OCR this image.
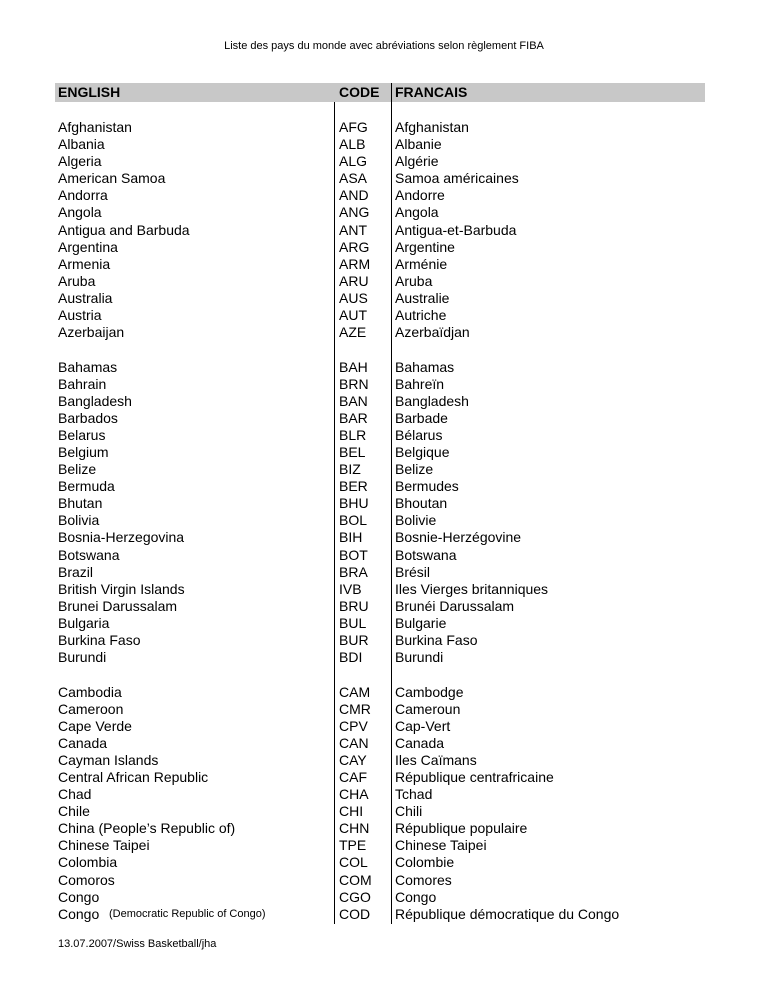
Liste des pays du monde avec abréviations selon règlement FIBA
ENGLISH	CODE FRANCAIS
Afghanistan	AFG Afghanistan
Albania	ALB Albanie
Algeria	ALG Algérie
American Samoa	ASA Samoa américaines
Andorra	AND Andorre
Angola	ANG Angola
Antigua and Barbuda	ANT Antigua-et-Barbuda
Argentina	ARG Argentine
Armenia	ARM Arménie
Aruba	ARU Aruba
Australia	AUS Australie
Austria	AUT Autriche
Azerbaijan	AZE Azerbaïdjan
Bahamas	BAH Bahamas
Bahrain	BRN Bahreïn
Bangladesh	BAN Bangladesh
Barbados	BAR Barbade
Belarus	BLR Bélarus
Belgium	BEL Belgique
Belize	BIZ Belize
Bermuda	BER Bermudes
Bhutan	BHU Bhoutan
Bolivia	BOL Bolivie
Bosnia-Herzegovina	BIH Bosnie-Herzégovine
Botswana	BOT Botswana
Brazil	BRA Brésil
British Virgin Islands	IVB Iles Vierges britanniques
Brunei Darussalam	BRU Brunéi Darussalam
Bulgaria	BUL Bulgarie
Burkina Faso	BUR Burkina Faso
Burundi	BDI Burundi
Cambodia	CAM Cambodge
Cameroon	CMR Cameroun
Cape Verde	CPV Cap-Vert
Canada	CAN Canada
Cayman Islands	CAY Iles Caïmans
Central African Republic	CAF République centrafricaine
Chad	CHA Tchad
Chile	CHI Chili
China (People’s Republic of)	CHN République populaire
Chinese Taipei	TPE Chinese Taipei
Colombia	COL Colombie
Comoros	COM Comores
Congo	CGO Congo
Congo (Democratic Republic of Congo)	COD République démocratique du Congo
13.07.2007/Swiss Basketball/jha
